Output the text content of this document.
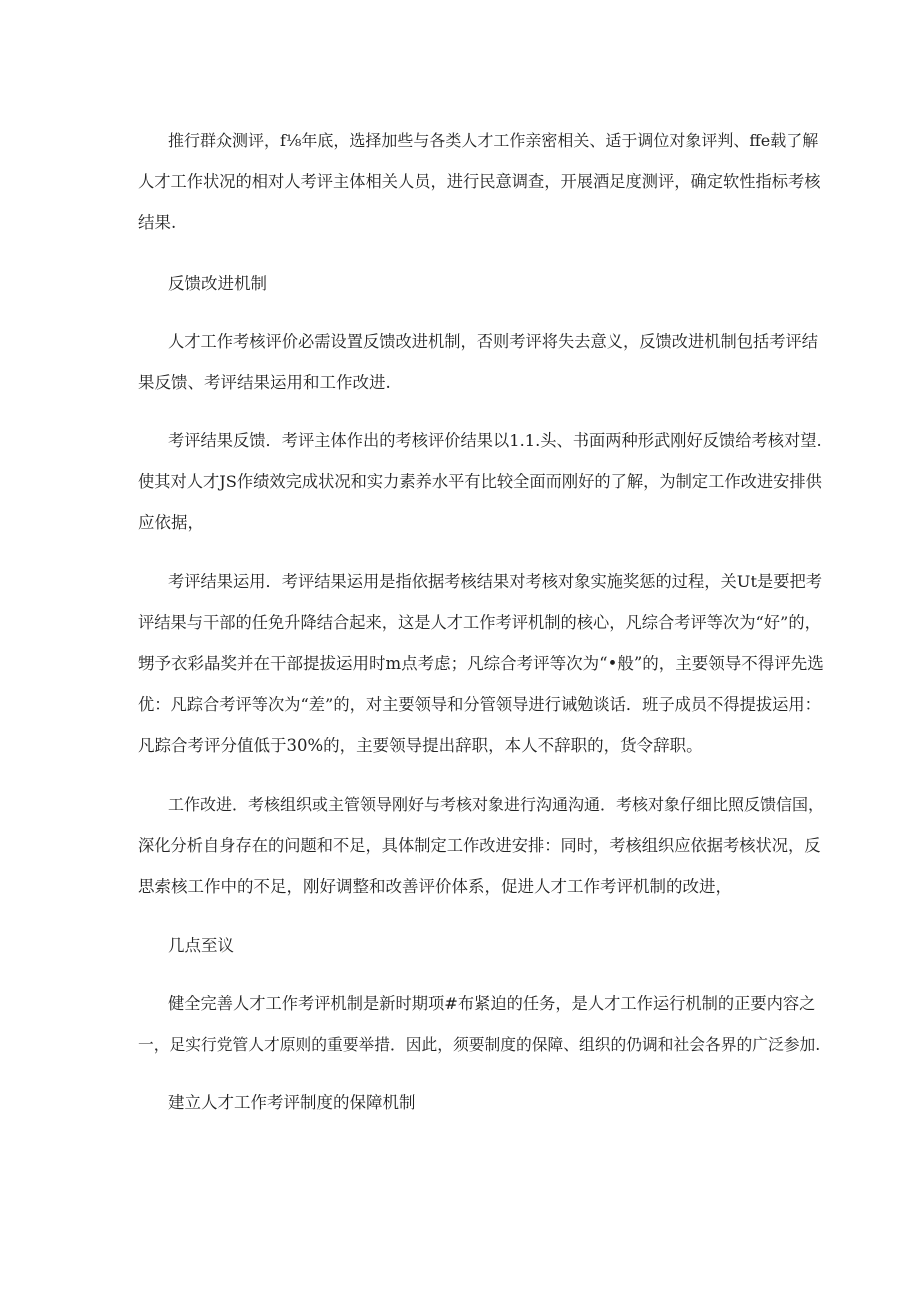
推行群众测评，f⅛年底，选择加些与各类人才工作亲密相关、适于调位对象评判、ffe载了解

人才工作状况的相对人考评主体相关人员，进行民意调查，开展酒足度测评，确定软性指标考核

结果.

反馈改进机制

人才工作考核评价必需设置反馈改进机制，否则考评将失去意义，反馈改进机制包括考评结

果反馈、考评结果运用和工作改进.

考评结果反馈．考评主体作出的考核评价结果以1.1.头、书面两种形武刚好反馈给考核对望.

使其对人才JS作绩效完成状况和实力素养水平有比较全面而刚好的了解，为制定工作改进安排供

应依据，

考评结果运用．考评结果运用是指依据考核结果对考核对象实施奖惩的过程，关Ut是要把考

评结果与干部的任免升降结合起来，这是人才工作考评机制的核心，凡综合考评等次为“好”的，

甥予衣彩晶奖并在干部提拔运用时m点考虑；凡综合考评等次为“•般”的，主要领导不得评先选

优：凡踪合考评等次为“差”的，对主要领导和分管领导进行诫勉谈话．班子成员不得提拔运用：

凡踪合考评分值低于30%的，主要领导提出辞职，本人不辞职的，货令辞职。

工作改进．考核组织或主管领导刚好与考核对象进行沟通沟通．考核对象仔细比照反馈信国，

深化分析自身存在的问题和不足，具体制定工作改进安排：同时，考核组织应依据考核状况，反

思索核工作中的不足，刚好调整和改善评价体系，促进人才工作考评机制的改进，

几点至议

健全完善人才工作考评机制是新时期项#布紧迫的任务，是人才工作运行机制的正要内容之

一，足实行党管人才原则的重要举措．因此，须要制度的保障、组织的仍调和社会各界的广泛参加.

建立人才工作考评制度的保障机制
